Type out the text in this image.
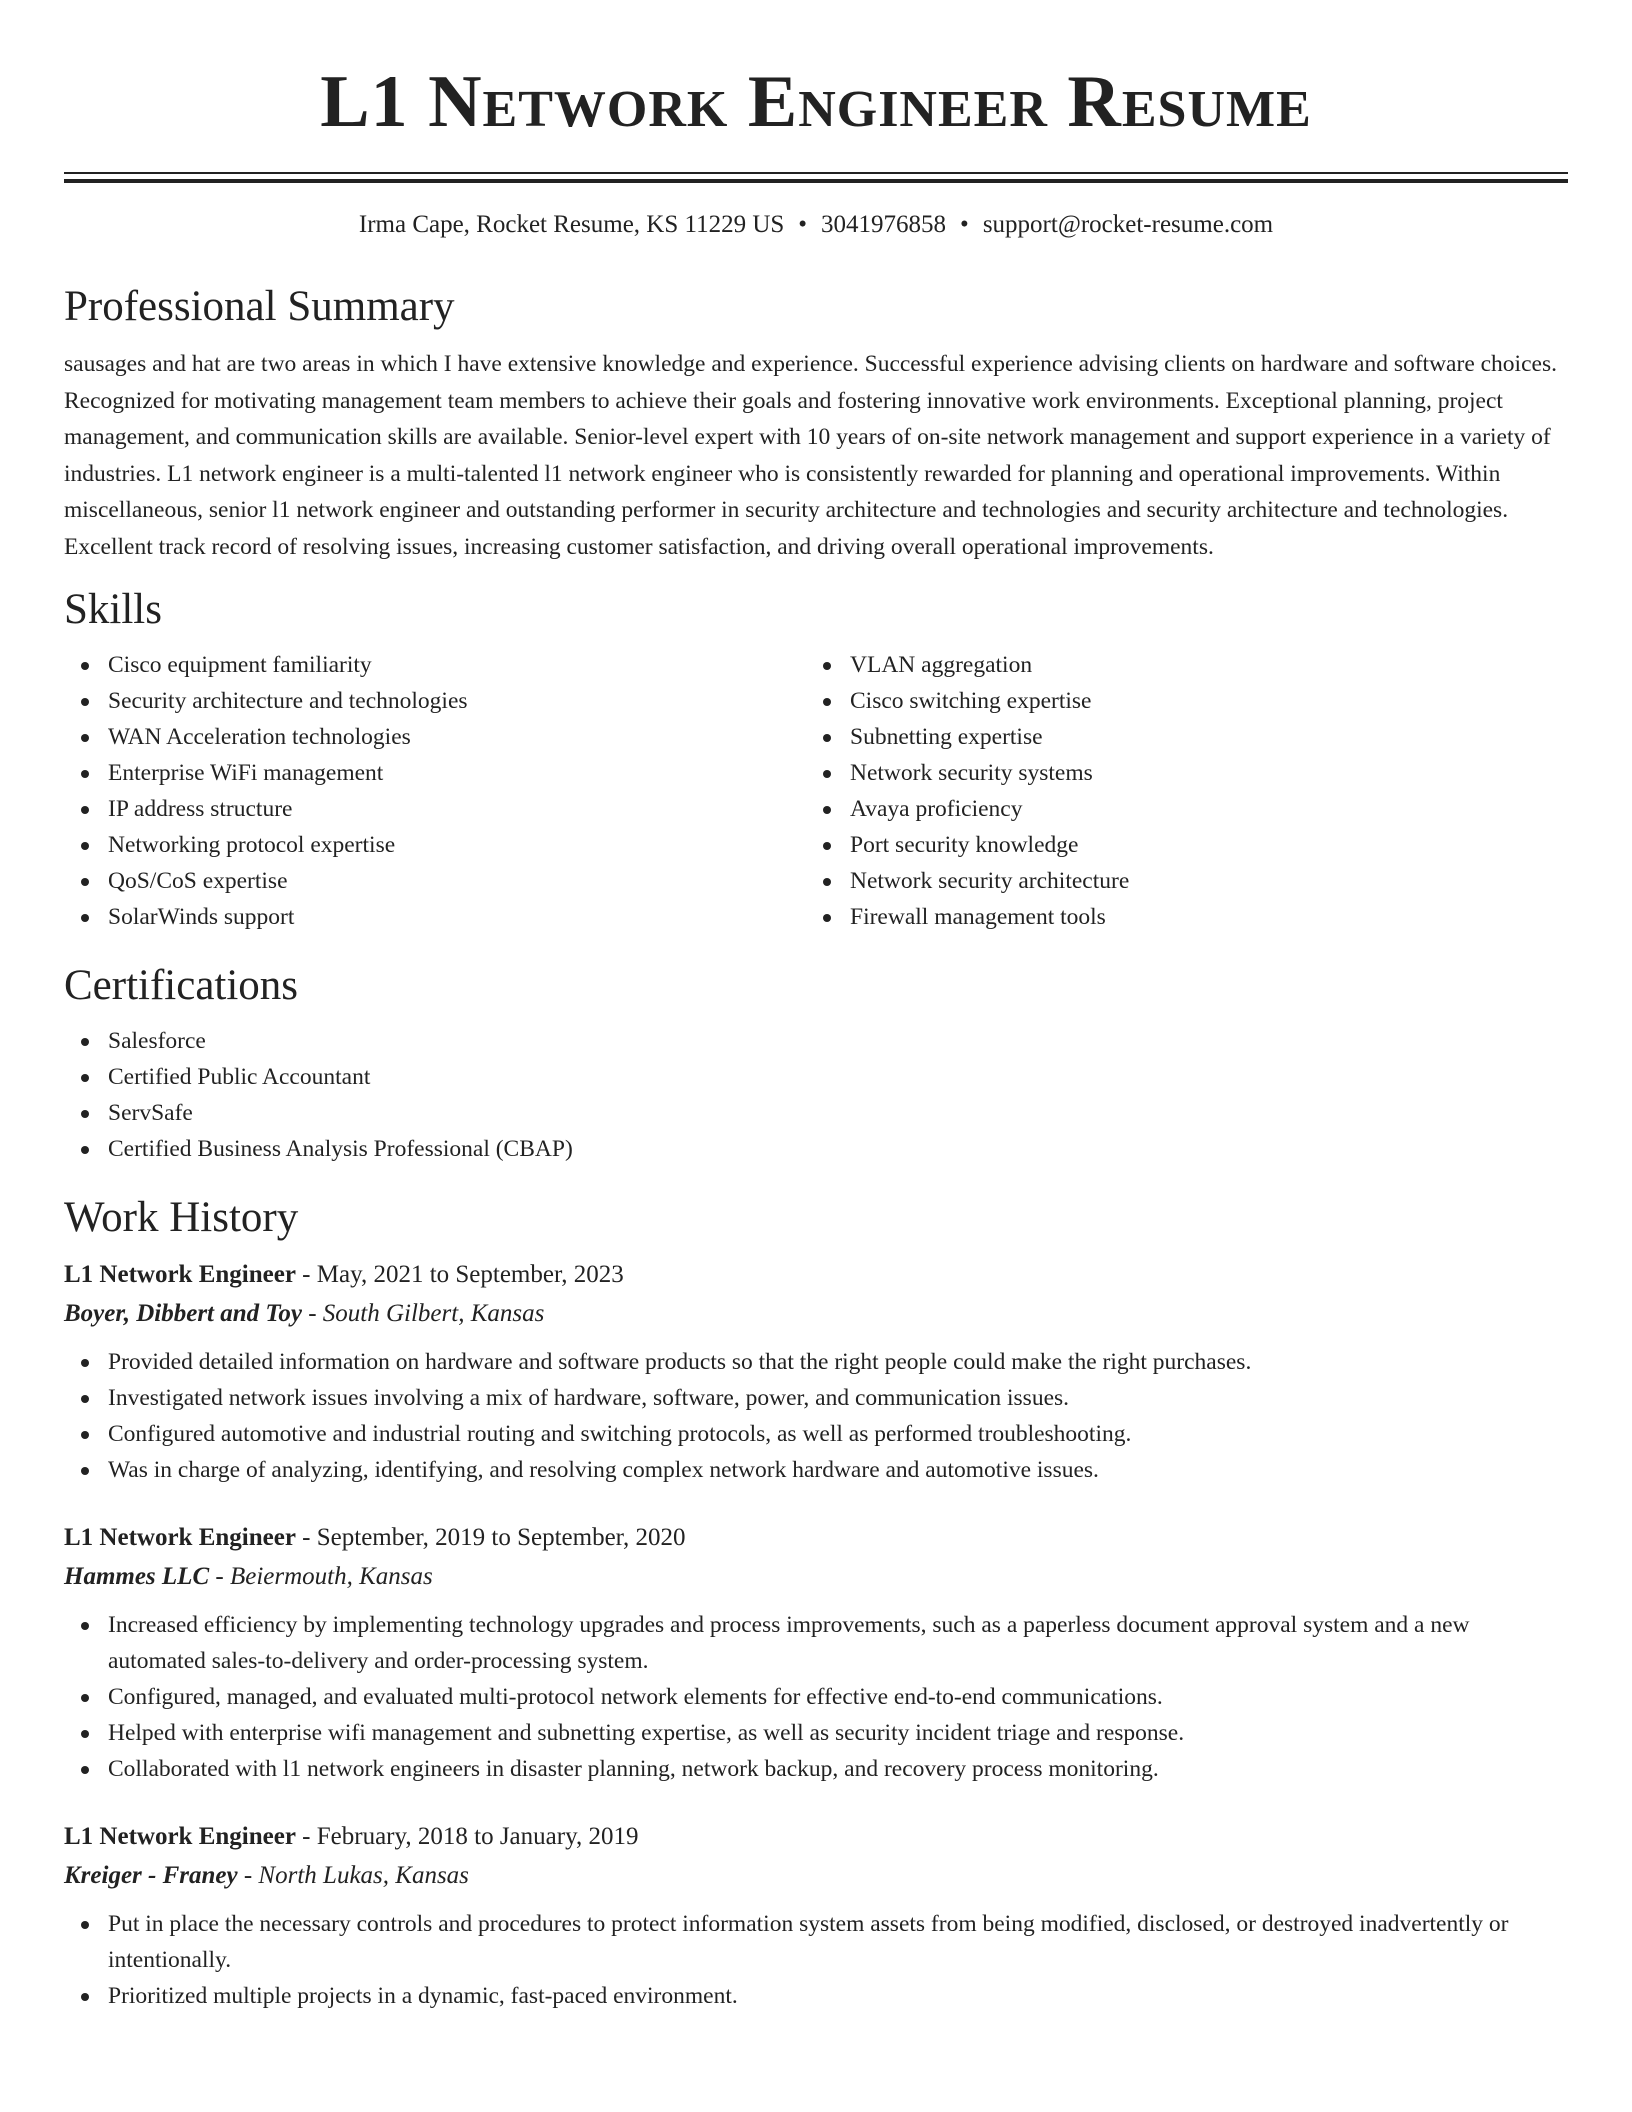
L1 Network Engineer Resume
Irma Cape, Rocket Resume, KS 11229 US • 3041976858 • support@rocket-resume.com
Professional Summary

sausages and hat are two areas in which I have extensive knowledge and experience. Successful experience advising clients on hardware and software choices. Recognized for motivating management team members to achieve their goals and fostering innovative work environments. Exceptional planning, project management, and communication skills are available. Senior-level expert with 10 years of on-site network management and support experience in a variety of industries. L1 network engineer is a multi-talented l1 network engineer who is consistently rewarded for planning and operational improvements. Within miscellaneous, senior l1 network engineer and outstanding performer in security architecture and technologies and security architecture and technologies. Excellent track record of resolving issues, increasing customer satisfaction, and driving overall operational improvements.

Skills
Cisco equipment familiarity
Security architecture and technologies
WAN Acceleration technologies
Enterprise WiFi management
IP address structure
Networking protocol expertise
QoS/CoS expertise
SolarWinds support
VLAN aggregation
Cisco switching expertise
Subnetting expertise
Network security systems
Avaya proficiency
Port security knowledge
Network security architecture
Firewall management tools
Certifications
Salesforce
Certified Public Accountant
ServSafe
Certified Business Analysis Professional (CBAP)
Work History
L1 Network Engineer - May, 2021 to September, 2023
Boyer, Dibbert and Toy - South Gilbert, Kansas
Provided detailed information on hardware and software products so that the right people could make the right purchases.
Investigated network issues involving a mix of hardware, software, power, and communication issues.
Configured automotive and industrial routing and switching protocols, as well as performed troubleshooting.
Was in charge of analyzing, identifying, and resolving complex network hardware and automotive issues.
L1 Network Engineer - September, 2019 to September, 2020
Hammes LLC - Beiermouth, Kansas
Increased efficiency by implementing technology upgrades and process improvements, such as a paperless document approval system and a new automated sales-to-delivery and order-processing system.
Configured, managed, and evaluated multi-protocol network elements for effective end-to-end communications.
Helped with enterprise wifi management and subnetting expertise, as well as security incident triage and response.
Collaborated with l1 network engineers in disaster planning, network backup, and recovery process monitoring.
L1 Network Engineer - February, 2018 to January, 2019
Kreiger - Franey - North Lukas, Kansas
Put in place the necessary controls and procedures to protect information system assets from being modified, disclosed, or destroyed inadvertently or intentionally.
Prioritized multiple projects in a dynamic, fast-paced environment.
